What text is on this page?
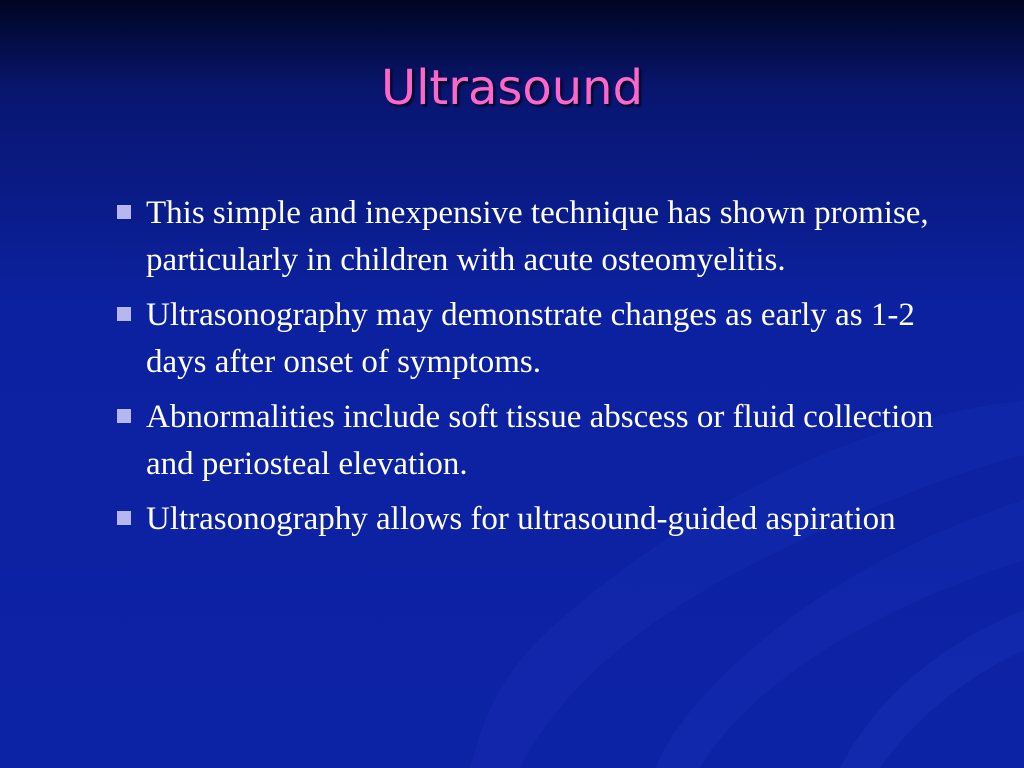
Ultrasound
This simple and inexpensive technique has shown promise, particularly in children with acute osteomyelitis.
Ultrasonography may demonstrate changes as early as 1-2 days after onset of symptoms.
Abnormalities include soft tissue abscess or fluid collection and periosteal elevation.
Ultrasonography allows for ultrasound-guided aspiration
